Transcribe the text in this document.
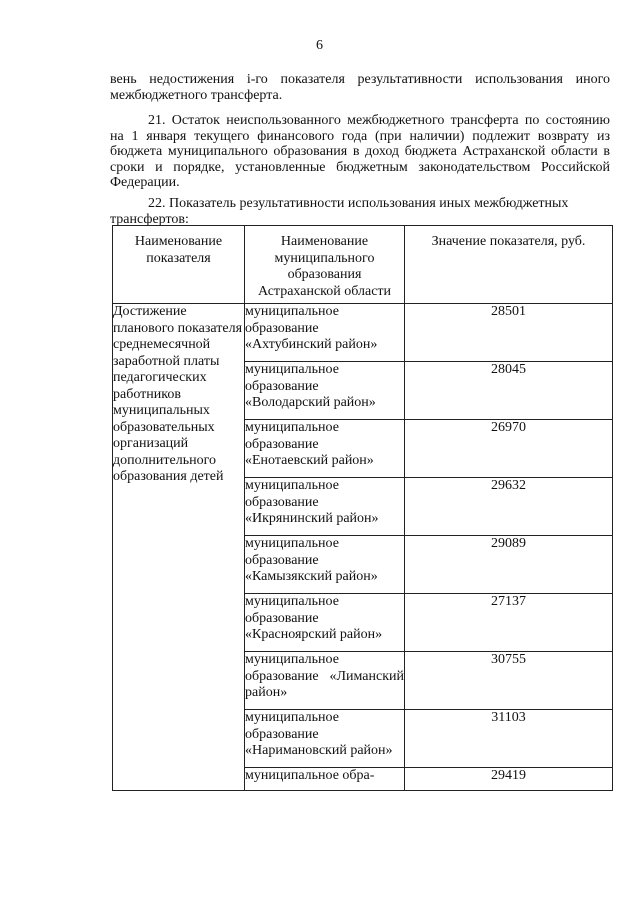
6

вень недостижения i-го показателя результативности использования иного межбюджетного трансферта.

21. Остаток неиспользованного межбюджетного трансферта по состоянию на 1 января текущего финансового года (при наличии) подлежит возврату из бюджета муниципального образования в доход бюджета Астраханской области в сроки и порядке, установленные бюджетным законодательством Российской Федерации.

22. Показатель результативности использования иных межбюджетных
трансфертов:

Наименование показателя	Наименование муниципального образования Астраханской области	Значение показателя, руб.

Достижение планового показателя среднемесячной заработной платы педагогических работников муниципальных образовательных организаций дополнительного образования детей	муниципальное образование «Ахтубинский район»	28501
	муниципальное образование «Володарский район»	28045
	муниципальное образование «Енотаевский район»	26970
	муниципальное образование «Икрянинский район»	29632
	муниципальное образование «Камызякский район»	29089
	муниципальное образование «Красноярский район»	27137
	муниципальное образование «Лиманский район»	30755
	муниципальное образование «Наримановский район»	31103
	муниципальное обра-	29419
